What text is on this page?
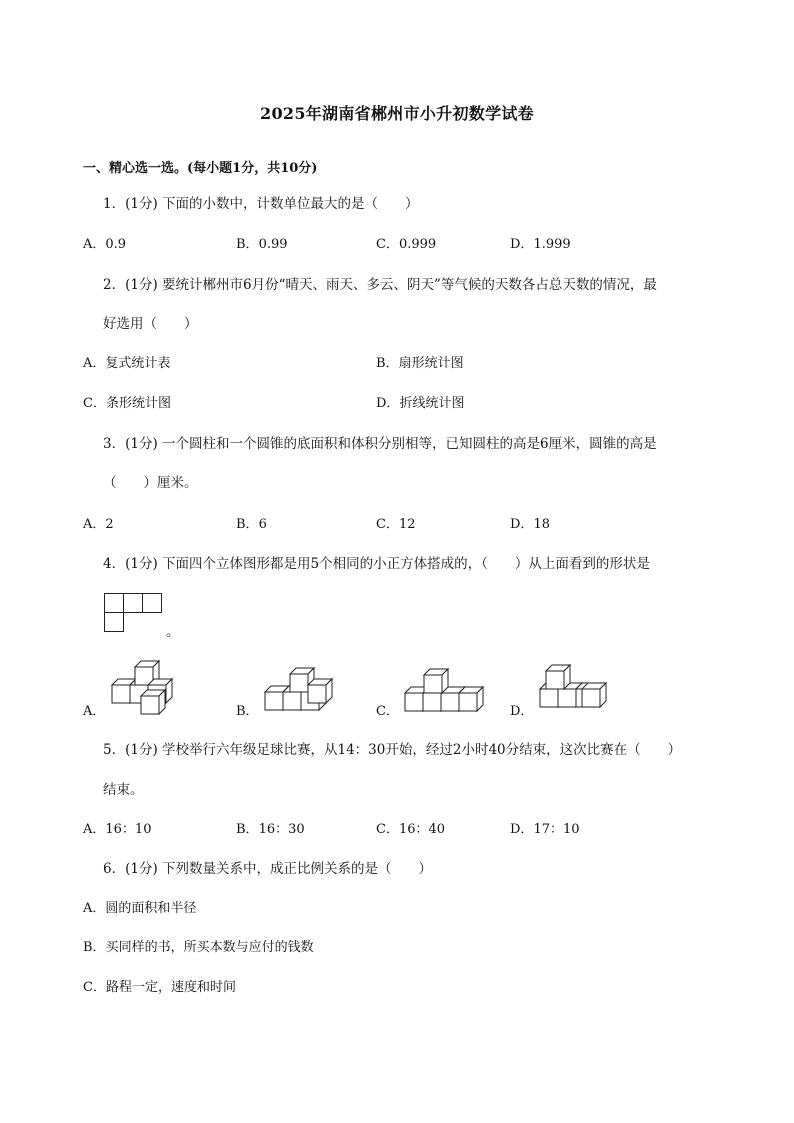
2025年湖南省郴州市小升初数学试卷
一、精心选一选。(每小题1分，共10分)
1．(1分) 下面的小数中，计数单位最大的是（　　）
A．0.9	B．0.99	C．0.999	D．1.999
2．(1分) 要统计郴州市6月份“晴天、雨天、多云、阴天”等气候的天数各占总天数的情况，最
好选用（　　）
A．复式统计表	B．扇形统计图
C．条形统计图	D．折线统计图
3．(1分) 一个圆柱和一个圆锥的底面积和体积分别相等，已知圆柱的高是6厘米，圆锥的高是
（　　）厘米。
A．2	B．6	C．12	D．18
4．(1分) 下面四个立体图形都是用5个相同的小正方体搭成的，（　　）从上面看到的形状是
。
A．	B．	C．	D．
5．(1分) 学校举行六年级足球比赛，从14：30开始，经过2小时40分结束，这次比赛在（　　）
结束。
A．16：10	B．16：30	C．16：40	D．17：10
6．(1分) 下列数量关系中，成正比例关系的是（　　）
A．圆的面积和半径
B．买同样的书，所买本数与应付的钱数
C．路程一定，速度和时间
